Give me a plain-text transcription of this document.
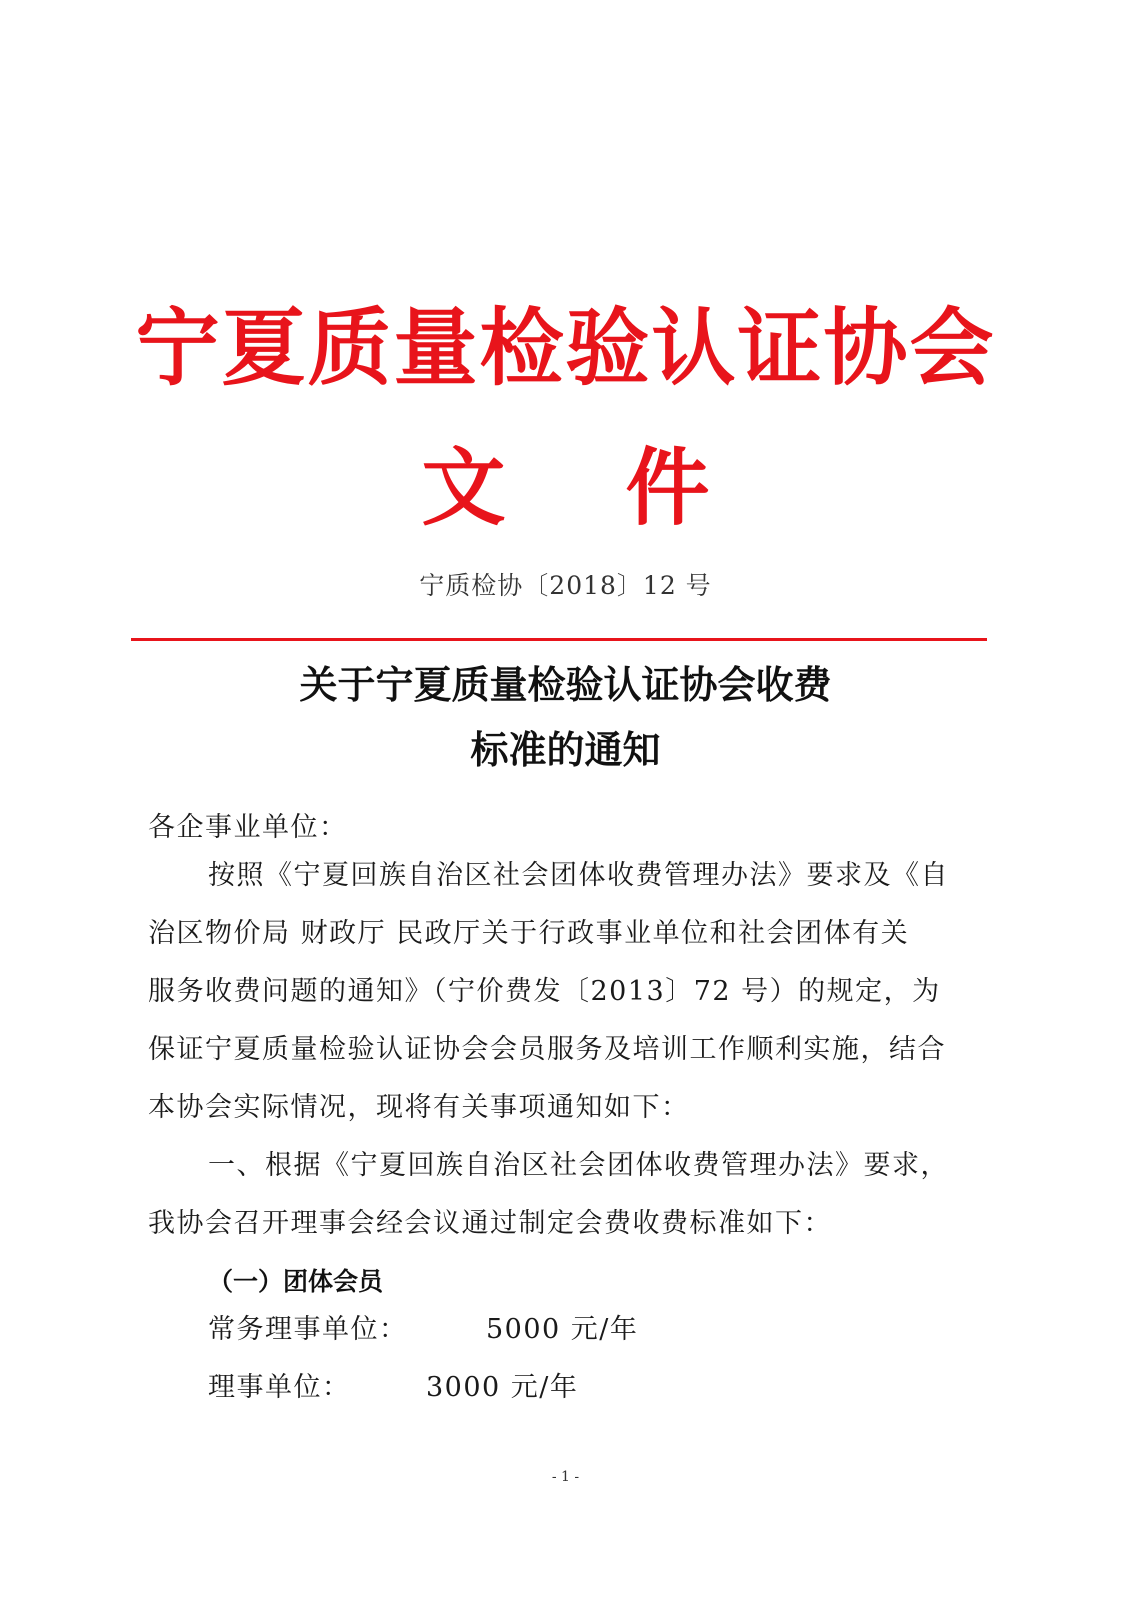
宁夏质量检验认证协会
文 件
宁质检协〔2018〕12 号
关于宁夏质量检验认证协会收费
标准的通知
各企事业单位：
按照《宁夏回族自治区社会团体收费管理办法》要求及《自
治区物价局 财政厅 民政厅关于行政事业单位和社会团体有关
服务收费问题的通知》（宁价费发〔2013〕72 号）的规定，为
保证宁夏质量检验认证协会会员服务及培训工作顺利实施，结合
本协会实际情况，现将有关事项通知如下：
一、根据《宁夏回族自治区社会团体收费管理办法》要求，
我协会召开理事会经会议通过制定会费收费标准如下：
（一）团体会员
常务理事单位：	5000 元/年
理事单位：	3000 元/年
- 1 -
